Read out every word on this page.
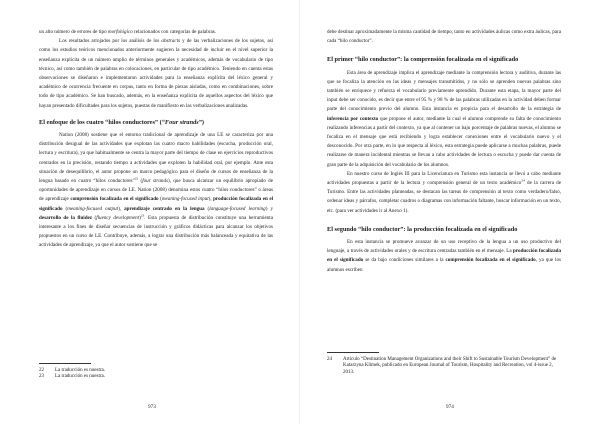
un alto número de errores de tipo morfológico relacionados con categorías de palabras.

Los resultados arrojados por los análisis de los abstracts y de las verbalizaciones de los sujetos, así como los estudios teóricos mencionados anteriormente sugieren la necesidad de incluir en el nivel superior la enseñanza explícita de un número amplio de términos generales y académicos, además de vocabulario de tipo técnico, así como también de palabras en colocaciones, en particular de tipo académico. Teniendo en cuenta estas observaciones se diseñaron e implementaron actividades para la enseñanza explícita del léxico general y académico de ocurrencia frecuente en corpus, tanto en forma de piezas aisladas, como en combinaciones, sobre todo de tipo académico. Se han buscado, además, en la enseñanza explícita de aquellos aspectos del léxico que hayan presentado dificultades para los sujetos, puestas de manifiesto en las verbalizaciones analizadas.

El enfoque de los cuatro “hilos conductores” (“Four strands”)

Nation (2008) sostiene que el entorno tradicional de aprendizaje de una LE se caracteriza por una distribución desigual de las actividades que explotan las cuatro macro habilidades (escucha, producción oral, lectura y escritura), ya que habitualmente se centra la mayor parte del tiempo de clase en ejercicios reproductivos centrados en la precisión, restando tiempo a actividades que exploten la habilidad oral, por ejemplo. Ante esta situación de desequilibrio, el autor propone un marco pedagógico para el diseño de cursos de enseñanza de la lengua basado en cuatro “hilos conductores”$^{22}$ (four strands), que busca alcanzar un equilibrio apropiado de oportunidades de aprendizaje en cursos de LE. Nation (2008) denomina estos cuatro “hilos conductores” o áreas de aprendizaje comprensión focalizada en el significado (meaning-focused input), producción focalizada en el significado (meaning-focused output), aprendizaje centrado en la lengua (language-focused learning) y desarrollo de la fluidez (fluency development)$^{23}$. Esta propuesta de distribución constituye una herramienta interesante a los fines de diseñar secuencias de instrucción y gráficos didácticas para alcanzar los objetivos propuestos en un curso de LE. Contribuye, además, a lograr una distribución más balanceada y equitativa de las actividades de aprendizaje, ya que el autor sostiene que se

22	La traducción es nuestra.
23	La traducción es nuestra.
973

debe destinar aproximadamente la misma cantidad de tiempo, tanto en actividades áulicas como extra áulicas, para cada “hilo conductor”.

El primer “hilo conductor”: la comprensión focalizada en el significado

Esta área de aprendizaje implica el aprendizaje mediante la comprensión lectora y auditiva, durante las que se focaliza la atención en las ideas y mensajes transmitidos, y no sólo se aprenden nuevas palabras sino también se enriquece y refuerza el vocabulario previamente aprendido. Durante esta etapa, la mayor parte del input debe ser conocido, es decir que entre el 95 % y 98 % de las palabras utilizadas en la actividad deben formar parte del conocimiento previo del alumno. Esta instancia es propicia para el desarrollo de la estrategia de inferencia por contexto que propone el autor, mediante la cual el alumno comprende su falta de conocimiento realizando inferencias a partir del contexto, ya que al contener un bajo porcentaje de palabras nuevas, el alumno se focaliza en el mensaje que está recibiendo y logra establecer conexiones entre el vocabulario nuevo y el desconocido. Por otra parte, en lo que respecta al léxico, esta estrategia puede aplicarse a muchas palabras, puede realizarse de manera incidental mientras se llevan a cabo actividades de lectura o escucha y puede dar cuenta de gran parte de la adquisición del vocabulario de los alumnos.

En nuestro curso de Inglés III para la Licenciatura en Turismo esta instancia se llevó a cabo mediante actividades propuestas a partir de la lectura y comprensión general de un texto académico$^{24}$ de la carrera de Turismo. Entre las actividades planteadas, se destacan las tareas de comprensión al texto como verdadero/falso, ordenar ideas y párrafos, completar cuadros o diagramas con información faltante, buscar información en un texto, etc. (para ver actividades ir al Anexo 1).

El segundo “hilo conductor”: la producción focalizada en el significado

En esta instancia se promueve avanzar de un uso receptivo de la lengua a un uso productivo del lenguaje, a través de actividades orales y de escritura centradas también en el mensaje. La producción focalizada en el significado se da bajo condiciones similares a la comprensión focalizada en el significado, ya que los alumnos escriben

24	Artículo “Destination Management Organizations and their Shift to Sustainable Tourism Development” de Katarzyna Klimek, publicado en European Journal of Tourism, Hospitality and Recreation, vol 4-issue 2, 2013.
974
